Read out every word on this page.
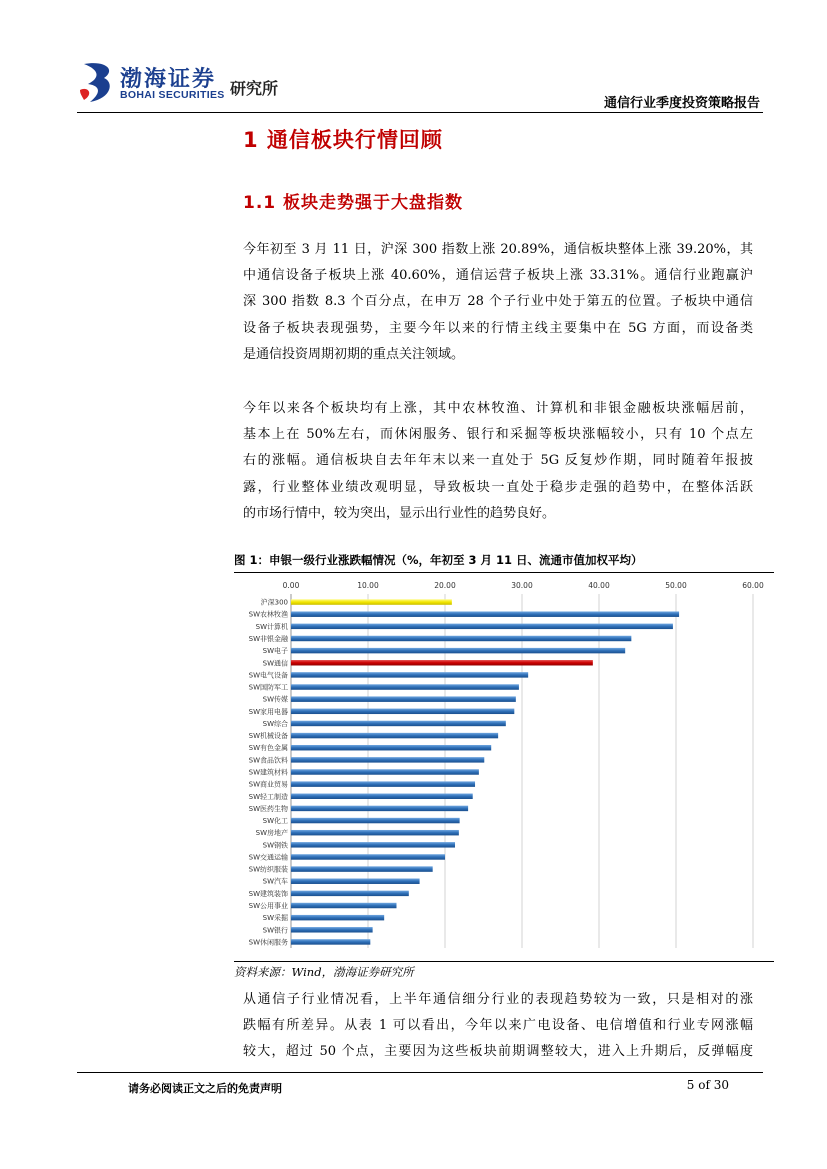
渤海证券
BOHAI SECURITIES 研究所
通信行业季度投资策略报告
1 通信板块行情回顾
1.1 板块走势强于大盘指数
今年初至 3 月 11 日，沪深 300 指数上涨 20.89%，通信板块整体上涨 39.20%，其
中通信设备子板块上涨 40.60%，通信运营子板块上涨 33.31%。通信行业跑赢沪
深 300 指数 8.3 个百分点，在申万 28 个子行业中处于第五的位置。子板块中通信
设备子板块表现强势，主要今年以来的行情主线主要集中在 5G 方面，而设备类
是通信投资周期初期的重点关注领域。
今年以来各个板块均有上涨，其中农林牧渔、计算机和非银金融板块涨幅居前，
基本上在 50%左右，而休闲服务、银行和采掘等板块涨幅较小，只有 10 个点左
右的涨幅。通信板块自去年年末以来一直处于 5G 反复炒作期，同时随着年报披
露，行业整体业绩改观明显，导致板块一直处于稳步走强的趋势中，在整体活跃
的市场行情中，较为突出，显示出行业性的趋势良好。
图 1：申银一级行业涨跌幅情况（%，年初至 3 月 11 日、流通市值加权平均）
0.00	10.00	20.00	30.00	40.00	50.00	60.00
沪深300
SW农林牧渔
SW计算机
SW非银金融
SW电子
SW通信
SW电气设备
SW国防军工
SW传媒
SW家用电器
SW综合
SW机械设备
SW有色金属
SW食品饮料
SW建筑材料
SW商业贸易
SW轻工制造
SW医药生物
SW化工
SW房地产
SW钢铁
SW交通运输
SW纺织服装
SW汽车
SW建筑装饰
SW公用事业
SW采掘
SW银行
SW休闲服务
资料来源：Wind，渤海证券研究所
从通信子行业情况看，上半年通信细分行业的表现趋势较为一致，只是相对的涨
跌幅有所差异。从表 1 可以看出，今年以来广电设备、电信增值和行业专网涨幅
较大，超过 50 个点，主要因为这些板块前期调整较大，进入上升期后，反弹幅度
请务必阅读正文之后的免责声明	5 of 30
